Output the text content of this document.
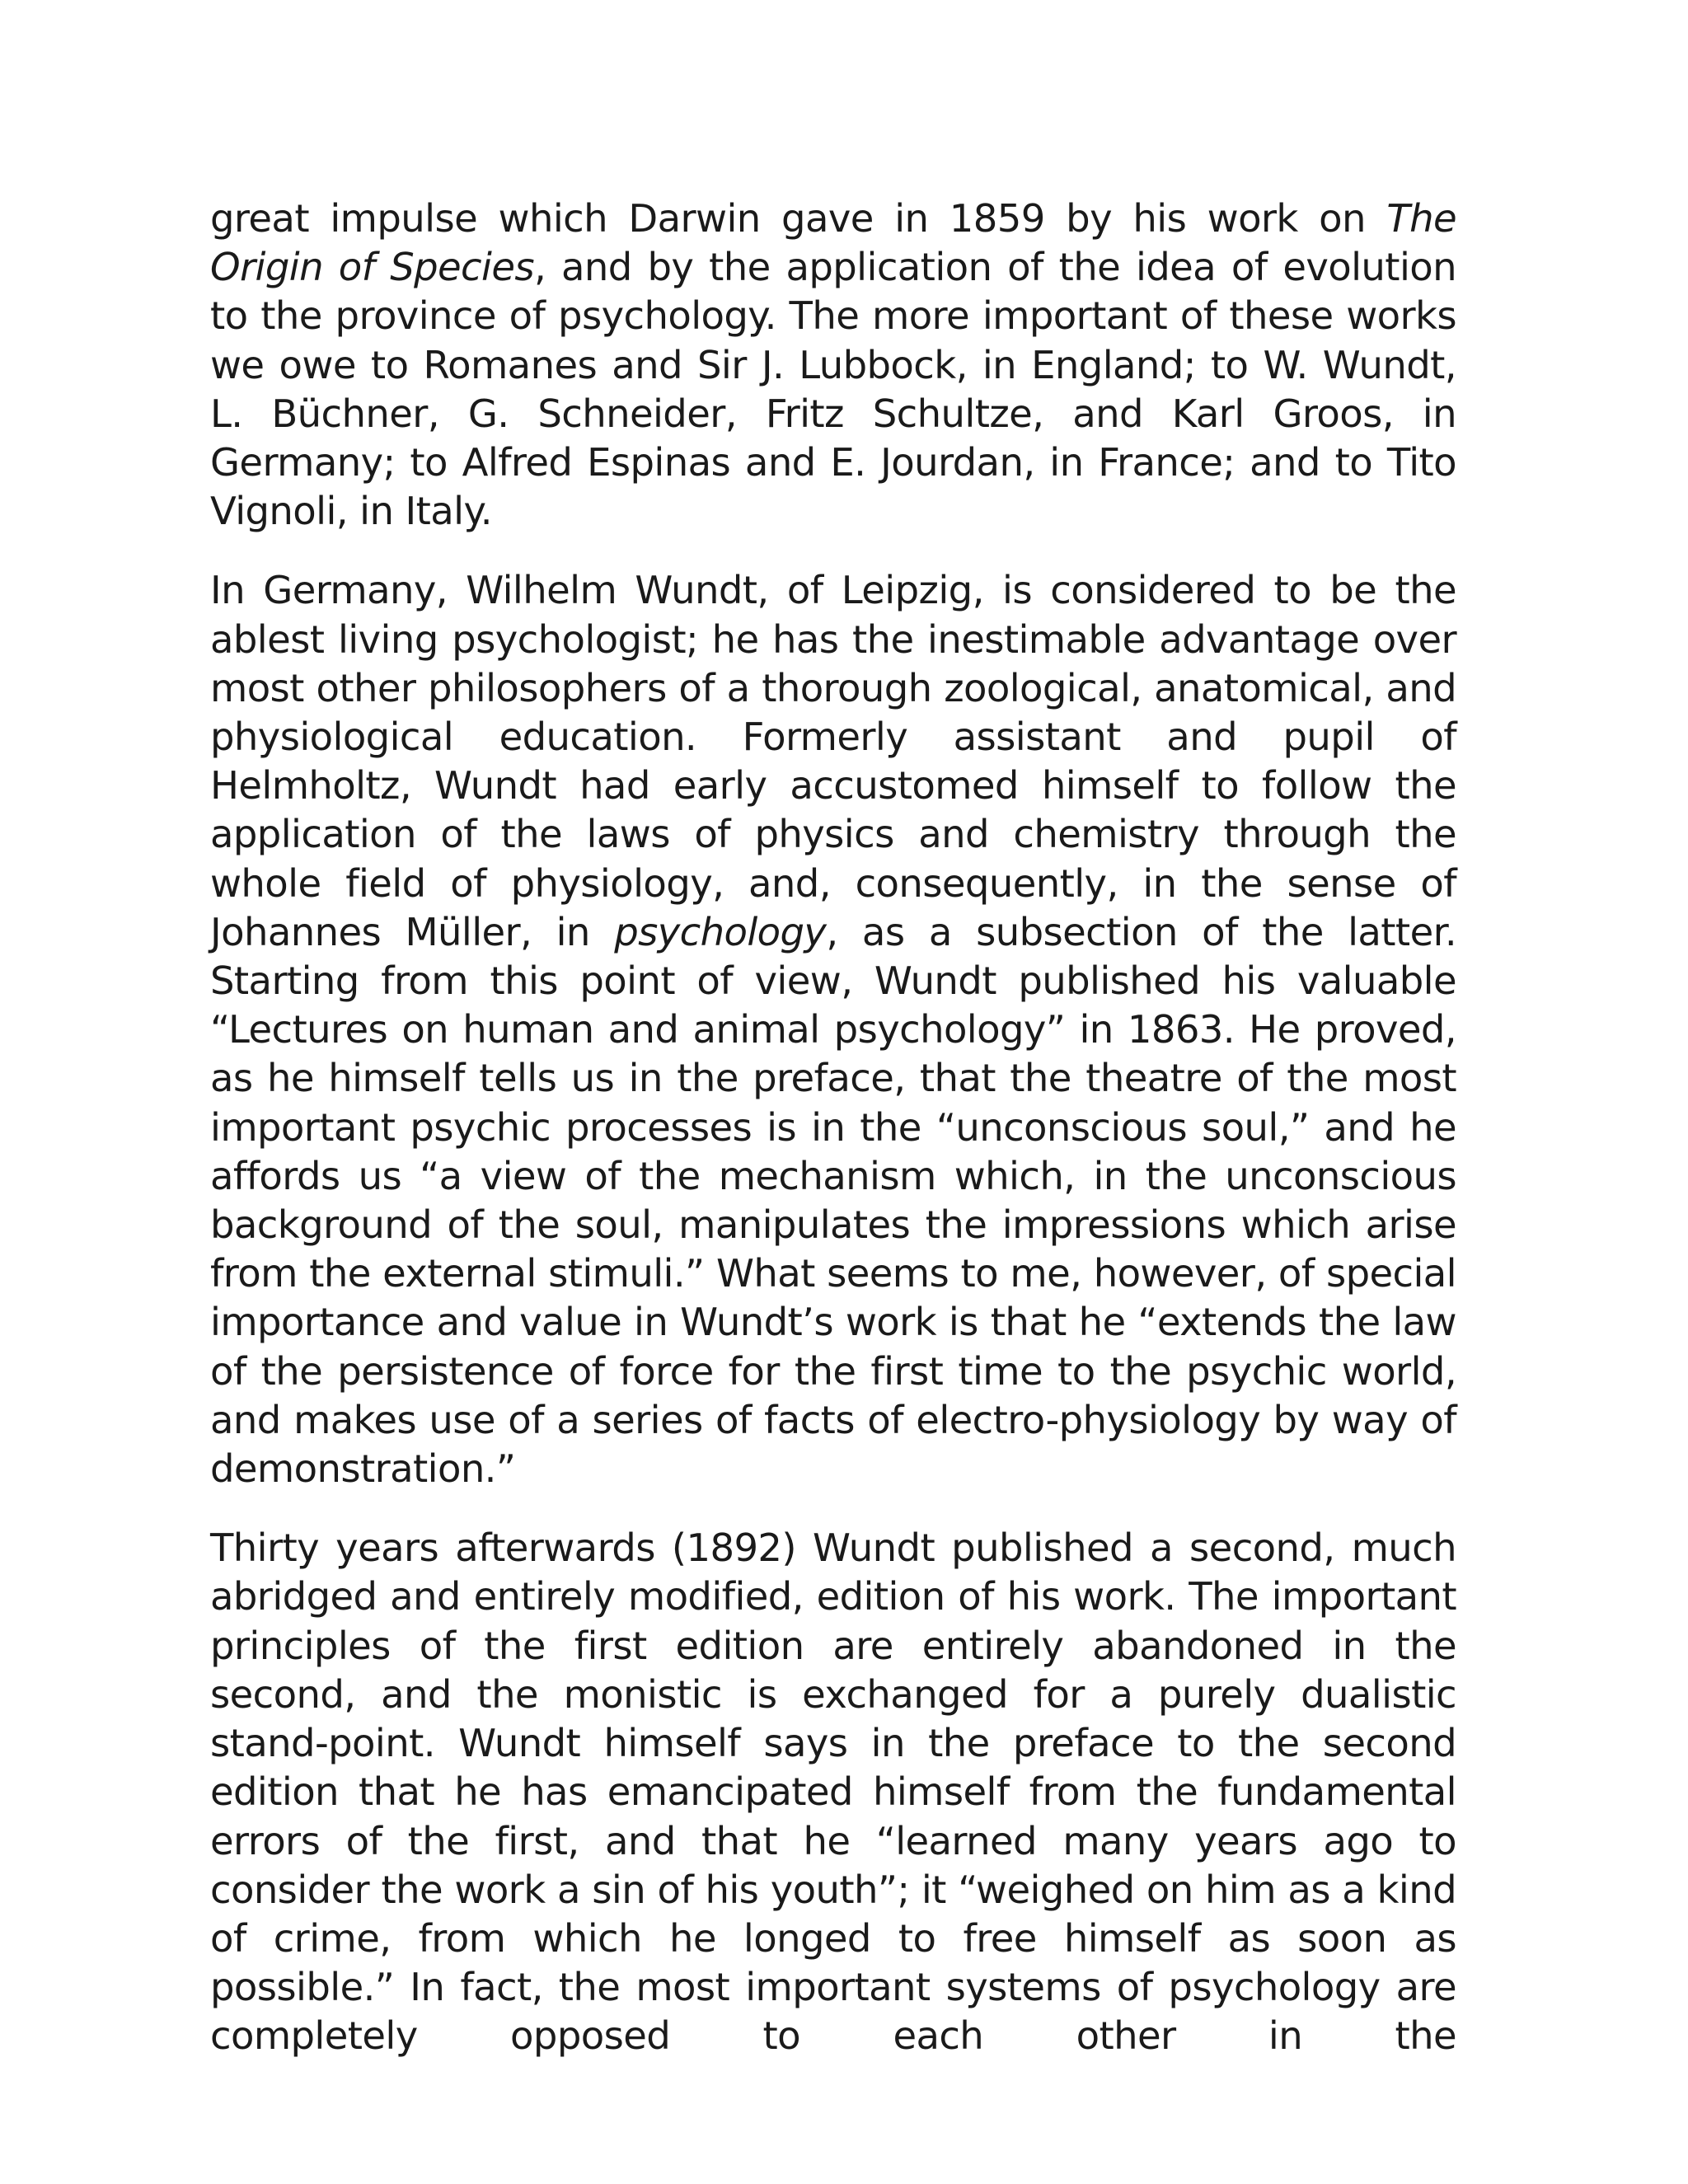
great impulse which Darwin gave in 1859 by his work on The Origin of Species, and by the application of the idea of evolution to the province of psychology. The more important of these works we owe to Romanes and Sir J. Lubbock, in England; to W. Wundt, L. Büchner, G. Schneider, Fritz Schultze, and Karl Groos, in Germany; to Alfred Espinas and E. Jourdan, in France; and to Tito Vignoli, in Italy.

In Germany, Wilhelm Wundt, of Leipzig, is considered to be the ablest living psychologist; he has the inestimable advantage over most other philosophers of a thorough zoological, anatomical, and physiological education. Formerly assistant and pupil of Helmholtz, Wundt had early accustomed himself to follow the application of the laws of physics and chemistry through the whole field of physiology, and, consequently, in the sense of Johannes Müller, in psychology, as a subsection of the latter. Starting from this point of view, Wundt published his valuable “Lectures on human and animal psychology” in 1863. He proved, as he himself tells us in the preface, that the theatre of the most important psychic processes is in the “unconscious soul,” and he affords us “a view of the mechanism which, in the unconscious background of the soul, manipulates the impressions which arise from the external stimuli.” What seems to me, however, of special importance and value in Wundt’s work is that he “extends the law of the persistence of force for the first time to the psychic world, and makes use of a series of facts of electro-physiology by way of demonstration.”

Thirty years afterwards (1892) Wundt published a second, much abridged and entirely modified, edition of his work. The important principles of the first edition are entirely abandoned in the second, and the monistic is exchanged for a purely dualistic stand-point. Wundt himself says in the preface to the second edition that he has emancipated himself from the fundamental errors of the first, and that he “learned many years ago to consider the work a sin of his youth”; it “weighed on him as a kind of crime, from which he longed to free himself as soon as possible.” In fact, the most important systems of psychology are completely opposed to each other in the
